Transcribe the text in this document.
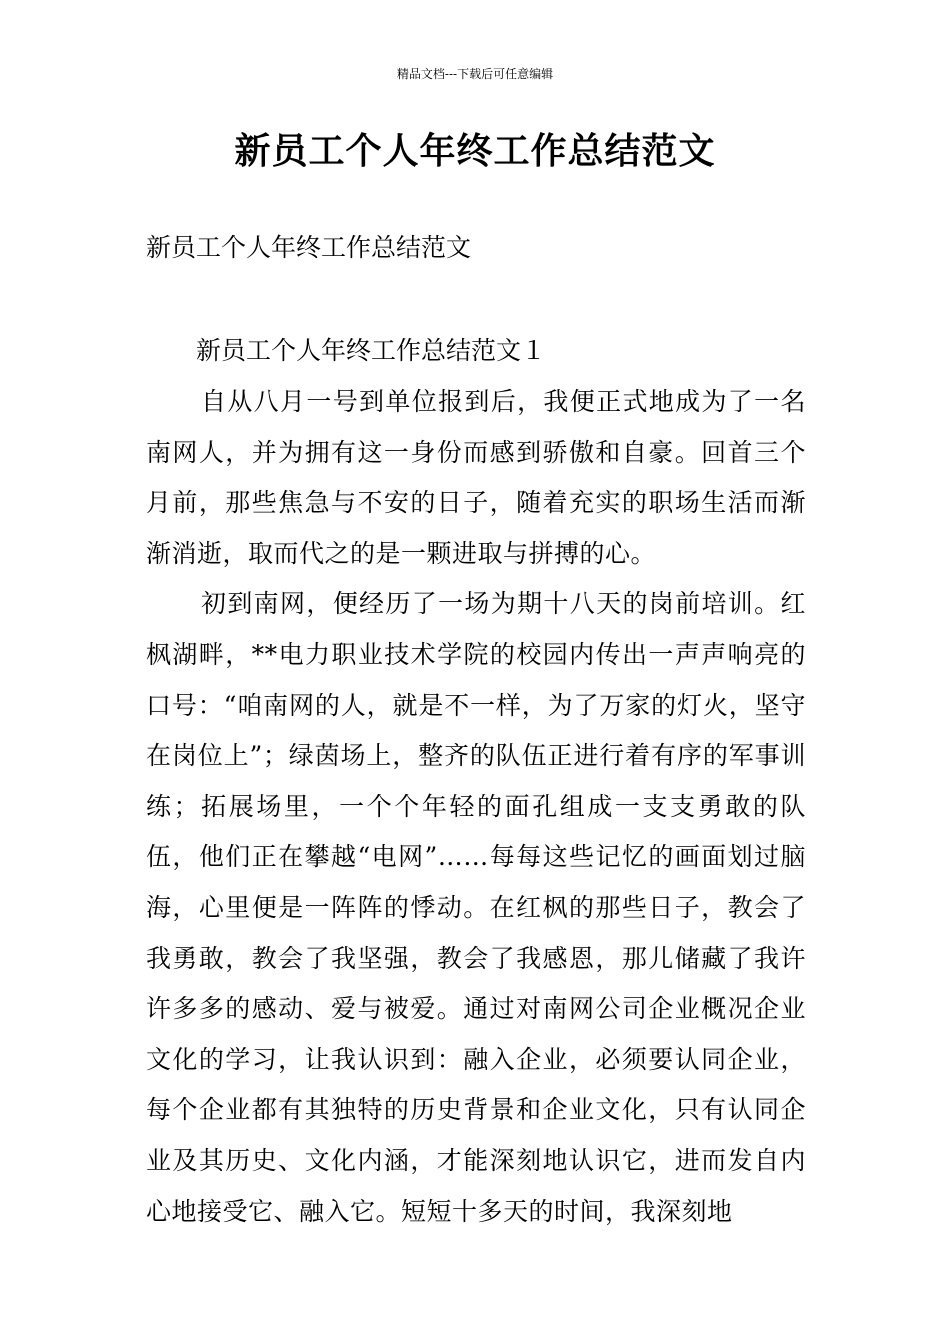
精品文档---下载后可任意编辑
新员工个人年终工作总结范文
新员工个人年终工作总结范文
新员工个人年终工作总结范文１

自从八月一号到单位报到后，我便正式地成为了一名南网人，并为拥有这一身份而感到骄傲和自豪。回首三个月前，那些焦急与不安的日子，随着充实的职场生活而渐渐消逝，取而代之的是一颗进取与拼搏的心。

初到南网，便经历了一场为期十八天的岗前培训。红枫湖畔，**电力职业技术学院的校园内传出一声声响亮的口号：“咱南网的人，就是不一样，为了万家的灯火，坚守在岗位上”；绿茵场上，整齐的队伍正进行着有序的军事训练；拓展场里，一个个年轻的面孔组成一支支勇敢的队伍，他们正在攀越“电网”……每每这些记忆的画面划过脑海，心里便是一阵阵的悸动。在红枫的那些日子，教会了我勇敢，教会了我坚强，教会了我感恩，那儿储藏了我许许多多的感动、爱与被爱。通过对南网公司企业概况企业文化的学习，让我认识到：融入企业，必须要认同企业，每个企业都有其独特的历史背景和企业文化，只有认同企业及其历史、文化内涵，才能深刻地认识它，进而发自内心地接受它、融入它。短短十多天的时间，我深刻地
